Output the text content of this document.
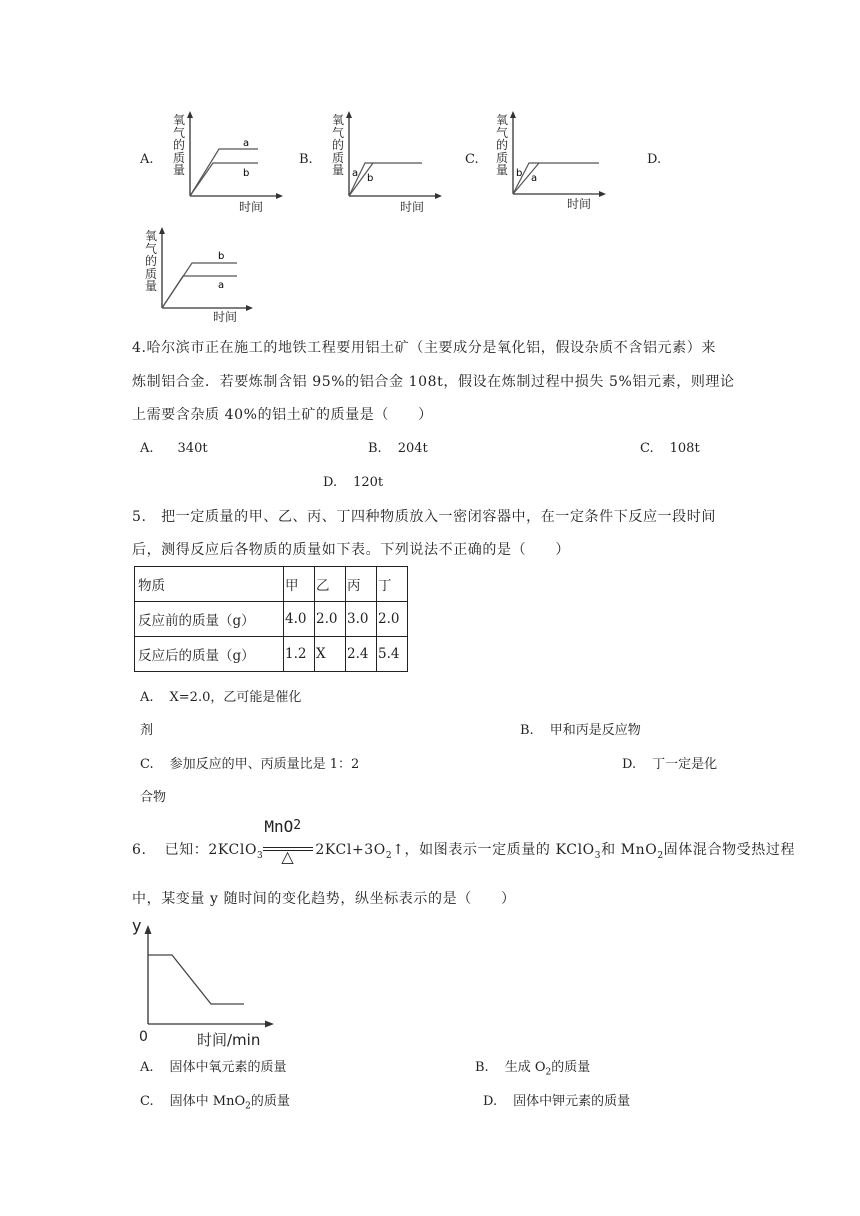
A.
氧气的质量
时间
a
b
B.
氧气的质量
时间
a b
C.
氧气的质量
时间
b a
D.
氧气的质量
时间
b
a
4.哈尔滨市正在施工的地铁工程要用铝土矿（主要成分是氧化铝，假设杂质不含铝元素）来
炼制铝合金．若要炼制含铝 95%的铝合金 108t，假设在炼制过程中损失 5%铝元素，则理论
上需要含杂质 40%的铝土矿的质量是（　　）
A. 340t	B. 204t	C. 108t
D. 120t
5.　把一定质量的甲、乙、丙、丁四种物质放入一密闭容器中，在一定条件下反应一段时间
后，测得反应后各物质的质量如下表。下列说法不正确的是（　　）
物质	甲	乙	丙	丁
反应前的质量（g）	4.0	2.0	3.0	2.0
反应后的质量（g）	1.2	X	2.4	5.4
A. X=2.0，乙可能是催化
剂	B. 甲和丙是反应物
C. 参加反应的甲、丙质量比是 1：2	D. 丁一定是化
合物
6. 已知：2KClO$_3$
MnO2
△ $2KCl+3O_2↑$，如图表示一定质量的 KClO$_3$和 MnO$_2$固体混合物受热过程
中，某变量 y 随时间的变化趋势，纵坐标表示的是（　　）
y
0	时间/min
A. 固体中氧元素的质量	B. 生成 $O_2$的质量
C. 固体中 MnO$_2$的质量	D. 固体中钾元素的质量
